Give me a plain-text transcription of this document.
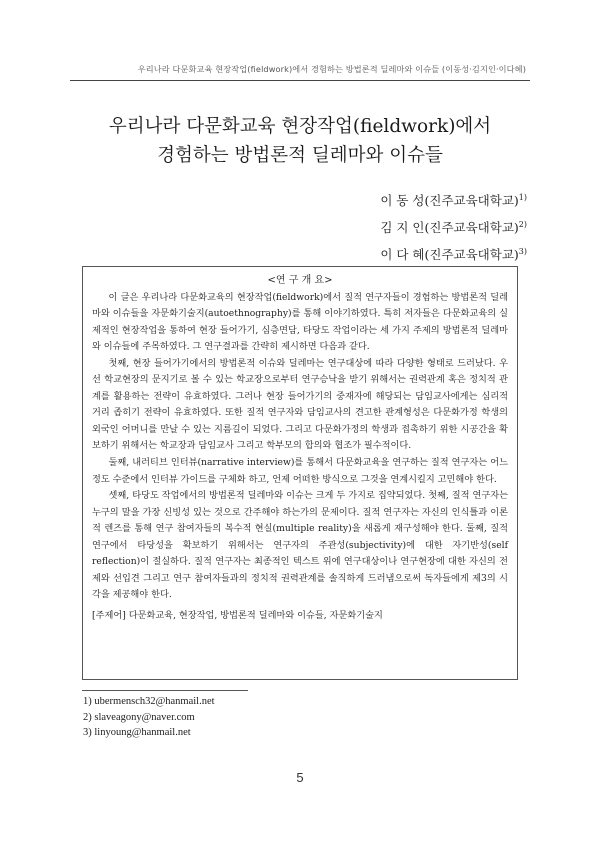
우리나라 다문화교육 현장작업(fieldwork)에서 경험하는 방법론적 딜레마와 이슈들 (이동성·김지인·이다혜)
우리나라 다문화교육 현장작업(fieldwork)에서
경험하는 방법론적 딜레마와 이슈들
이 동 성(진주교육대학교)$^{1)}$
김 지 인(진주교육대학교)$^{2)}$
이 다 혜(진주교육대학교)$^{3)}$
<연 구 개 요>

이 글은 우리나라 다문화교육의 현장작업(fieldwork)에서 질적 연구자들이 경험하는 방법론적 딜레마와 이슈들을 자문화기술지(autoethnography)를 통해 이야기하였다. 특히 저자들은 다문화교육의 실제적인 현장작업을 통하여 현장 들어가기, 심층면담, 타당도 작업이라는 세 가지 주제의 방법론적 딜레마와 이슈들에 주목하였다. 그 연구결과를 간략히 제시하면 다음과 같다.

첫째, 현장 들어가기에서의 방법론적 이슈와 딜레마는 연구대상에 따라 다양한 형태로 드러났다. 우선 학교현장의 문지기로 볼 수 있는 학교장으로부터 연구승낙을 받기 위해서는 권력관계 혹은 정치적 관계를 활용하는 전략이 유효하였다. 그러나 현장 들어가기의 중재자에 해당되는 담임교사에게는 심리적 거리 좁히기 전략이 유효하였다. 또한 질적 연구자와 담임교사의 견고한 관계형성은 다문화가정 학생의 외국인 어머니를 만날 수 있는 지름길이 되었다. 그리고 다문화가정의 학생과 접촉하기 위한 시공간을 확보하기 위해서는 학교장과 담임교사 그리고 학부모의 합의와 협조가 필수적이다.

둘째, 내러티브 인터뷰(narrative interview)를 통해서 다문화교육을 연구하는 질적 연구자는 어느 정도 수준에서 인터뷰 가이드를 구체화 하고, 언제 어떠한 방식으로 그것을 연계시킬지 고민해야 한다.

셋째, 타당도 작업에서의 방법론적 딜레마와 이슈는 크게 두 가지로 집약되었다. 첫째, 질적 연구자는 누구의 말을 가장 신빙성 있는 것으로 간주해야 하는가의 문제이다. 질적 연구자는 자신의 인식틀과 이론적 렌즈를 통해 연구 참여자들의 복수적 현실(multiple reality)을 새롭게 재구성해야 한다. 둘째, 질적 연구에서 타당성을 확보하기 위해서는 연구자의 주관성(subjectivity)에 대한 자기반성(self reflection)이 절실하다. 질적 연구자는 최종적인 텍스트 위에 연구대상이나 연구현장에 대한 자신의 전제와 선입견 그리고 연구 참여자들과의 정치적 권력관계를 솔직하게 드러냄으로써 독자들에게 제3의 시각을 제공해야 한다.

[주제어] 다문화교육, 현장작업, 방법론적 딜레마와 이슈들, 자문화기술지

1) ubermensch32@hanmail.net
2) slaveagony@naver.com
3) linyoung@hanmail.net
5
